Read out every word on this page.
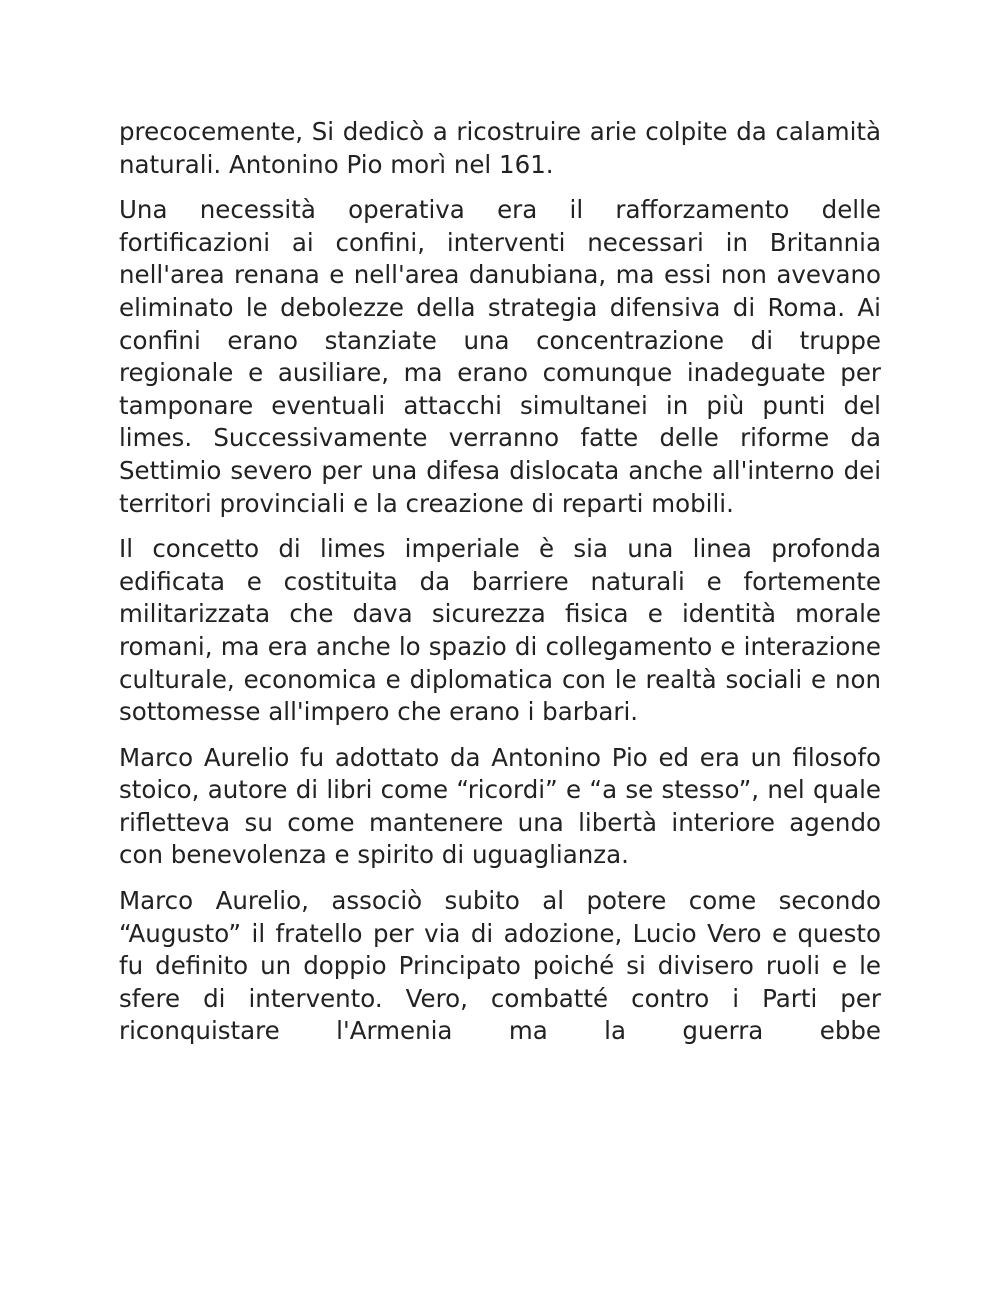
precocemente, Si dedicò a ricostruire arie colpite da calamità naturali. Antonino Pio morì nel 161.

Una necessità operativa era il rafforzamento delle fortificazioni ai confini, interventi necessari in Britannia nell'area renana e nell'area danubiana, ma essi non avevano eliminato le debolezze della strategia difensiva di Roma. Ai confini erano stanziate una concentrazione di truppe regionale e ausiliare, ma erano comunque inadeguate per tamponare eventuali attacchi simultanei in più punti del limes. Successivamente verranno fatte delle riforme da Settimio severo per una difesa dislocata anche all'interno dei territori provinciali e la creazione di reparti mobili.

Il concetto di limes imperiale è sia una linea profonda edificata e costituita da barriere naturali e fortemente militarizzata che dava sicurezza fisica e identità morale romani, ma era anche lo spazio di collegamento e interazione culturale, economica e diplomatica con le realtà sociali e non sottomesse all'impero che erano i barbari.

Marco Aurelio fu adottato da Antonino Pio ed era un filosofo stoico, autore di libri come “ricordi” e “a se stesso”, nel quale rifletteva su come mantenere una libertà interiore agendo con benevolenza e spirito di uguaglianza.

Marco Aurelio, associò subito al potere come secondo “Augusto” il fratello per via di adozione, Lucio Vero e questo fu definito un doppio Principato poiché si divisero ruoli e le sfere di intervento. Vero, combatté contro i Parti per riconquistare l'Armenia ma la guerra ebbe
